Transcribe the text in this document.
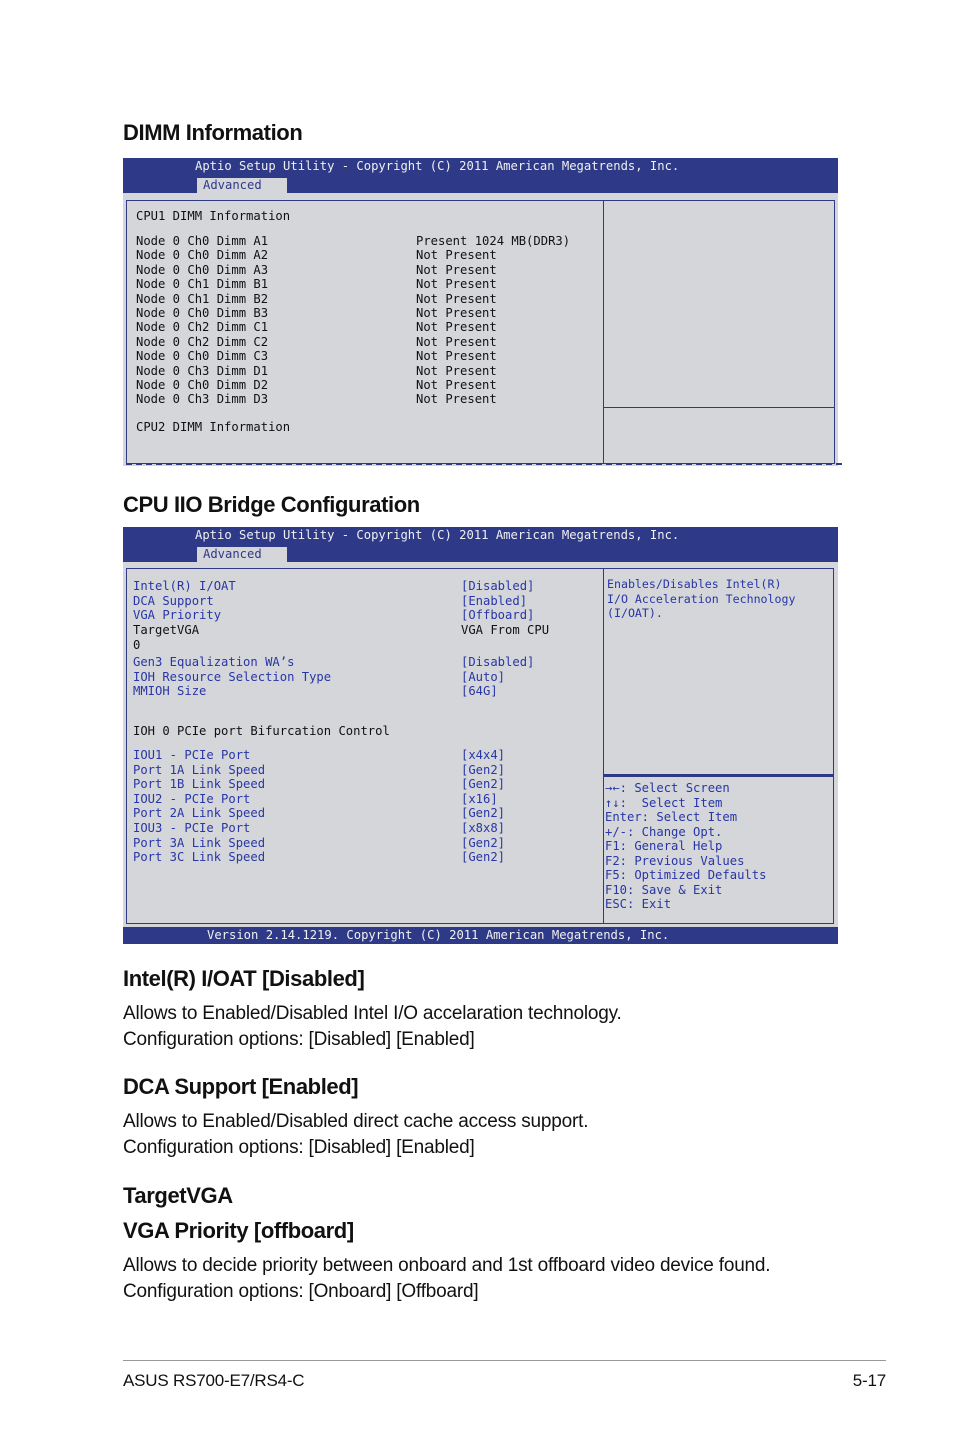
DIMM Information
Aptio Setup Utility - Copyright (C) 2011 American Megatrends, Inc.
Advanced
CPU1 DIMM Information
Node 0 Ch0 Dimm A1	Present 1024 MB(DDR3)
Node 0 Ch0 Dimm A2	Not Present
Node 0 Ch0 Dimm A3	Not Present
Node 0 Ch1 Dimm B1	Not Present
Node 0 Ch1 Dimm B2	Not Present
Node 0 Ch0 Dimm B3	Not Present
Node 0 Ch2 Dimm C1	Not Present
Node 0 Ch2 Dimm C2	Not Present
Node 0 Ch0 Dimm C3	Not Present
Node 0 Ch3 Dimm D1	Not Present
Node 0 Ch0 Dimm D2	Not Present
Node 0 Ch3 Dimm D3	Not Present
CPU2 DIMM Information
CPU IIO Bridge Configuration
Aptio Setup Utility - Copyright (C) 2011 American Megatrends, Inc.
Advanced
Intel(R) I/OAT	[Disabled]
DCA Support	[Enabled]
VGA Priority	[Offboard]
TargetVGA	VGA From CPU
0
Gen3 Equalization WA’s	[Disabled]
IOH Resource Selection Type	[Auto]
MMIOH Size	[64G]
IOH 0 PCIe port Bifurcation Control
IOU1 - PCIe Port	[x4x4]
Port 1A Link Speed	[Gen2]
Port 1B Link Speed	[Gen2]
IOU2 - PCIe Port	[x16]
Port 2A Link Speed	[Gen2]
IOU3 - PCIe Port	[x8x8]
Port 3A Link Speed	[Gen2]
Port 3C Link Speed	[Gen2]
Enables/Disables Intel(R)
I/O Acceleration Technology
(I/OAT).
→←: Select Screen
↑↓:  Select Item
Enter: Select Item
+/-: Change Opt.
F1: General Help
F2: Previous Values
F5: Optimized Defaults
F10: Save & Exit
ESC: Exit

Version 2.14.1219. Copyright (C) 2011 American Megatrends, Inc.

Intel(R) I/OAT [Disabled]
Allows to Enabled/Disabled Intel I/O accelaration technology.
Configuration options: [Disabled] [Enabled]
DCA Support [Enabled]
Allows to Enabled/Disabled direct cache access support.
Configuration options: [Disabled] [Enabled]
TargetVGA
VGA Priority [offboard]
Allows to decide priority between onboard and 1st offboard video device found.
Configuration options: [Onboard] [Offboard]
ASUS RS700-E7/RS4-C	5-17
